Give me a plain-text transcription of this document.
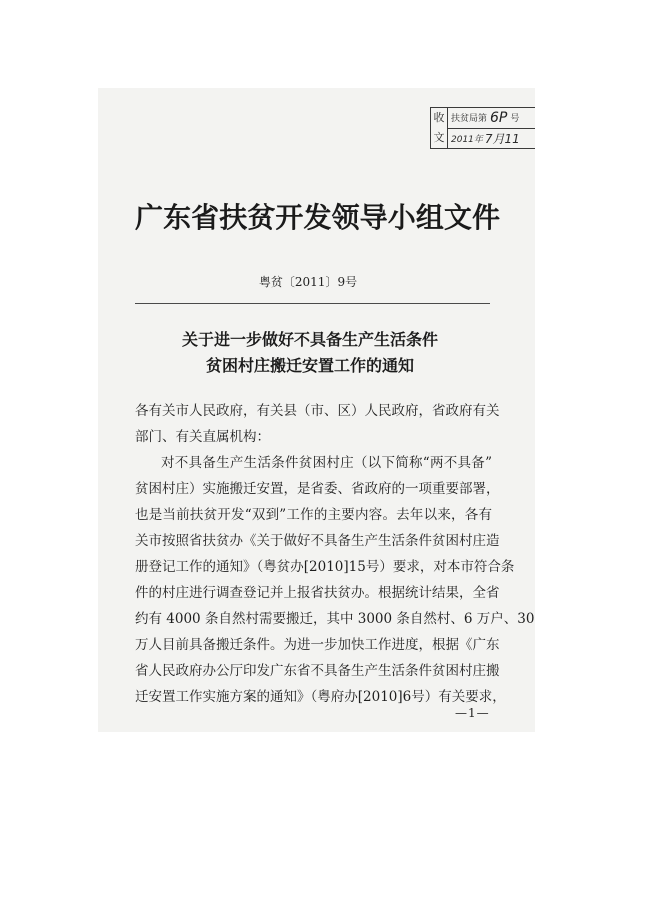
收
文
扶贫局第 6P 号
2011年 7月11
广东省扶贫开发领导小组文件
粤贫〔2011〕9号
关于进一步做好不具备生产生活条件
贫困村庄搬迁安置工作的通知
各有关市人民政府，有关县（市、区）人民政府，省政府有关
部门、有关直属机构：
对不具备生产生活条件贫困村庄（以下简称“两不具备”
贫困村庄）实施搬迁安置，是省委、省政府的一项重要部署，
也是当前扶贫开发“双到”工作的主要内容。去年以来，各有
关市按照省扶贫办《关于做好不具备生产生活条件贫困村庄造
册登记工作的通知》（粤贫办[2010]15号）要求，对本市符合条
件的村庄进行调查登记并上报省扶贫办。根据统计结果，全省
约有 4000 条自然村需要搬迁，其中 3000 条自然村、6 万户、30
万人目前具备搬迁条件。为进一步加快工作进度，根据《广东
省人民政府办公厅印发广东省不具备生产生活条件贫困村庄搬
迁安置工作实施方案的通知》（粤府办[2010]6号）有关要求，
—1—
